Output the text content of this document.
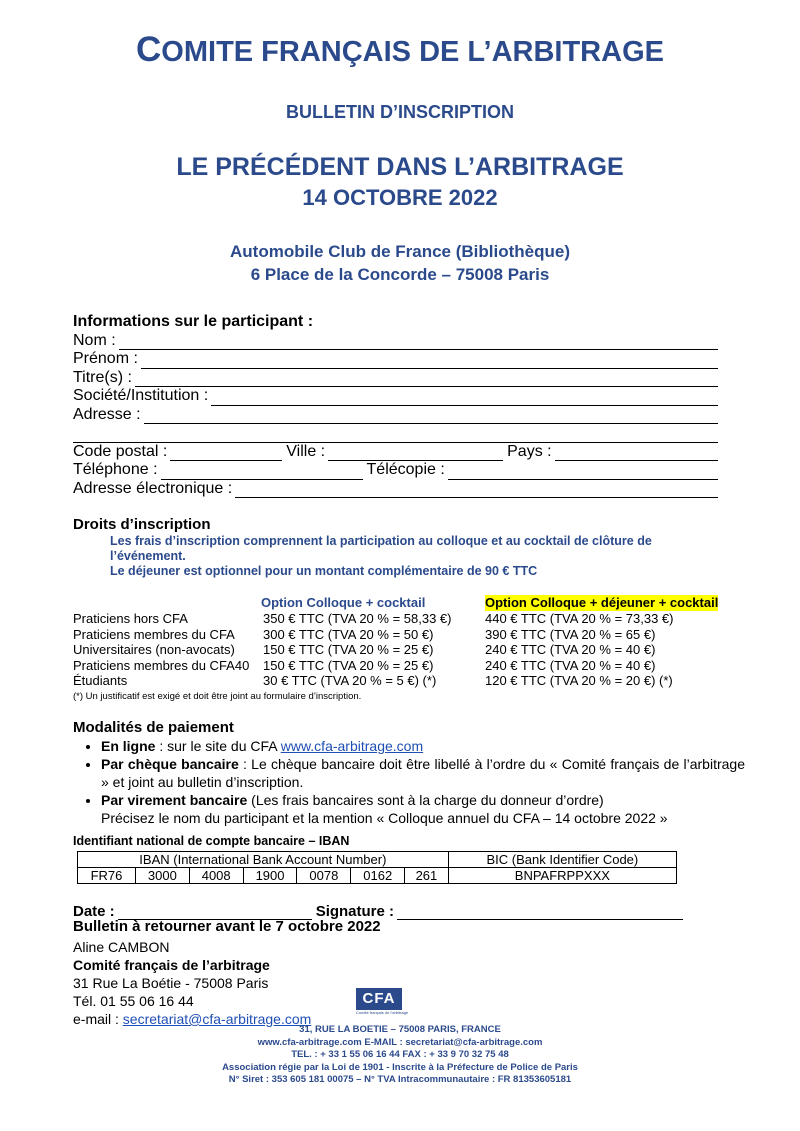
COMITE FRANÇAIS DE L’ARBITRAGE
BULLETIN D’INSCRIPTION
LE PRÉCÉDENT DANS L’ARBITRAGE
14 OCTOBRE 2022
Automobile Club de France (Bibliothèque)
6 Place de la Concorde – 75008 Paris
Informations sur le participant :
Nom :
Prénom :
Titre(s) :
Société/Institution :
Adresse :
Code postal :	Ville :	Pays :
Téléphone :	Télécopie :
Adresse électronique :
Droits d’inscription
Les frais d’inscription comprennent la participation au colloque et au cocktail de clôture de l’événement.
Le déjeuner est optionnel pour un montant complémentaire de 90 € TTC
Option Colloque + cocktail	Option Colloque + déjeuner + cocktail
Praticiens hors CFA	350 € TTC (TVA 20 % = 58,33 €)	440 € TTC (TVA 20 % = 73,33 €)
Praticiens membres du CFA 300 € TTC (TVA 20 % = 50 €)	390 € TTC (TVA 20 % = 65 €)
Universitaires (non-avocats) 150 € TTC (TVA 20 % = 25 €)	240 € TTC (TVA 20 % = 40 €)
Praticiens membres du CFA40 150 € TTC (TVA 20 % = 25 €)	240 € TTC (TVA 20 % = 40 €)
Étudiants	30 € TTC (TVA 20 % = 5 €) (*)	120 € TTC (TVA 20 % = 20 €) (*)
(*) Un justificatif est exigé et doit être joint au formulaire d’inscription.
Modalités de paiement
• En ligne : sur le site du CFA www.cfa-arbitrage.com
• Par chèque bancaire : Le chèque bancaire doit être libellé à l’ordre du « Comité français de l’arbitrage » et joint au bulletin d’inscription.
• Par virement bancaire (Les frais bancaires sont à la charge du donneur d’ordre)
Précisez le nom du participant et la mention « Colloque annuel du CFA – 14 octobre 2022 »
Identifiant national de compte bancaire – IBAN
IBAN (International Bank Account Number)							BIC (Bank Identifier Code)
FR76	3000	4008	1900	0078	0162	261	BNPAFRPPXXX
Date :	Signature :
Bulletin à retourner avant le 7 octobre 2022
Aline CAMBON
Comité français de l’arbitrage
31 Rue La Boétie - 75008 Paris
Tél. 01 55 06 16 44
e-mail : secretariat@cfa-arbitrage.com
CFA
Comité français de l’arbitrage
31, RUE LA BOETIE – 75008 PARIS, FRANCE
www.cfa-arbitrage.com E-MAIL : secretariat@cfa-arbitrage.com
TEL. : + 33 1 55 06 16 44 FAX : + 33 9 70 32 75 48
Association régie par la Loi de 1901 - Inscrite à la Préfecture de Police de Paris
N° Siret : 353 605 181 00075 – N° TVA Intracommunautaire : FR 81353605181
